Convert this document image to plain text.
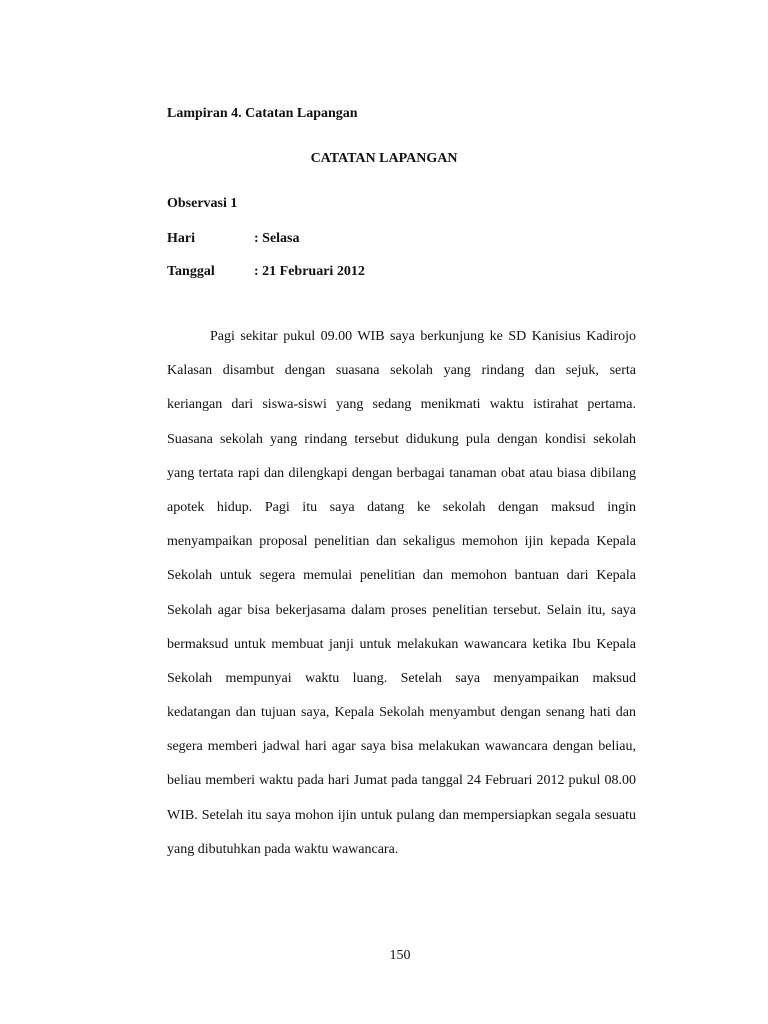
Lampiran 4. Catatan Lapangan
CATATAN LAPANGAN
Observasi 1
Hari	: Selasa
Tanggal	: 21 Februari 2012
Pagi sekitar pukul 09.00 WIB saya berkunjung ke SD Kanisius Kadirojo
Kalasan disambut dengan suasana sekolah yang rindang dan sejuk, serta
keriangan dari siswa-siswi yang sedang menikmati waktu istirahat pertama.
Suasana sekolah yang rindang tersebut didukung pula dengan kondisi sekolah
yang tertata rapi dan dilengkapi dengan berbagai tanaman obat atau biasa dibilang
apotek hidup. Pagi itu saya datang ke sekolah dengan maksud ingin
menyampaikan proposal penelitian dan sekaligus memohon ijin kepada Kepala
Sekolah untuk segera memulai penelitian dan memohon bantuan dari Kepala
Sekolah agar bisa bekerjasama dalam proses penelitian tersebut. Selain itu, saya
bermaksud untuk membuat janji untuk melakukan wawancara ketika Ibu Kepala
Sekolah mempunyai waktu luang. Setelah saya menyampaikan maksud
kedatangan dan tujuan saya, Kepala Sekolah menyambut dengan senang hati dan
segera memberi jadwal hari agar saya bisa melakukan wawancara dengan beliau,
beliau memberi waktu pada hari Jumat pada tanggal 24 Februari 2012 pukul 08.00
WIB. Setelah itu saya mohon ijin untuk pulang dan mempersiapkan segala sesuatu
yang dibutuhkan pada waktu wawancara.
150
